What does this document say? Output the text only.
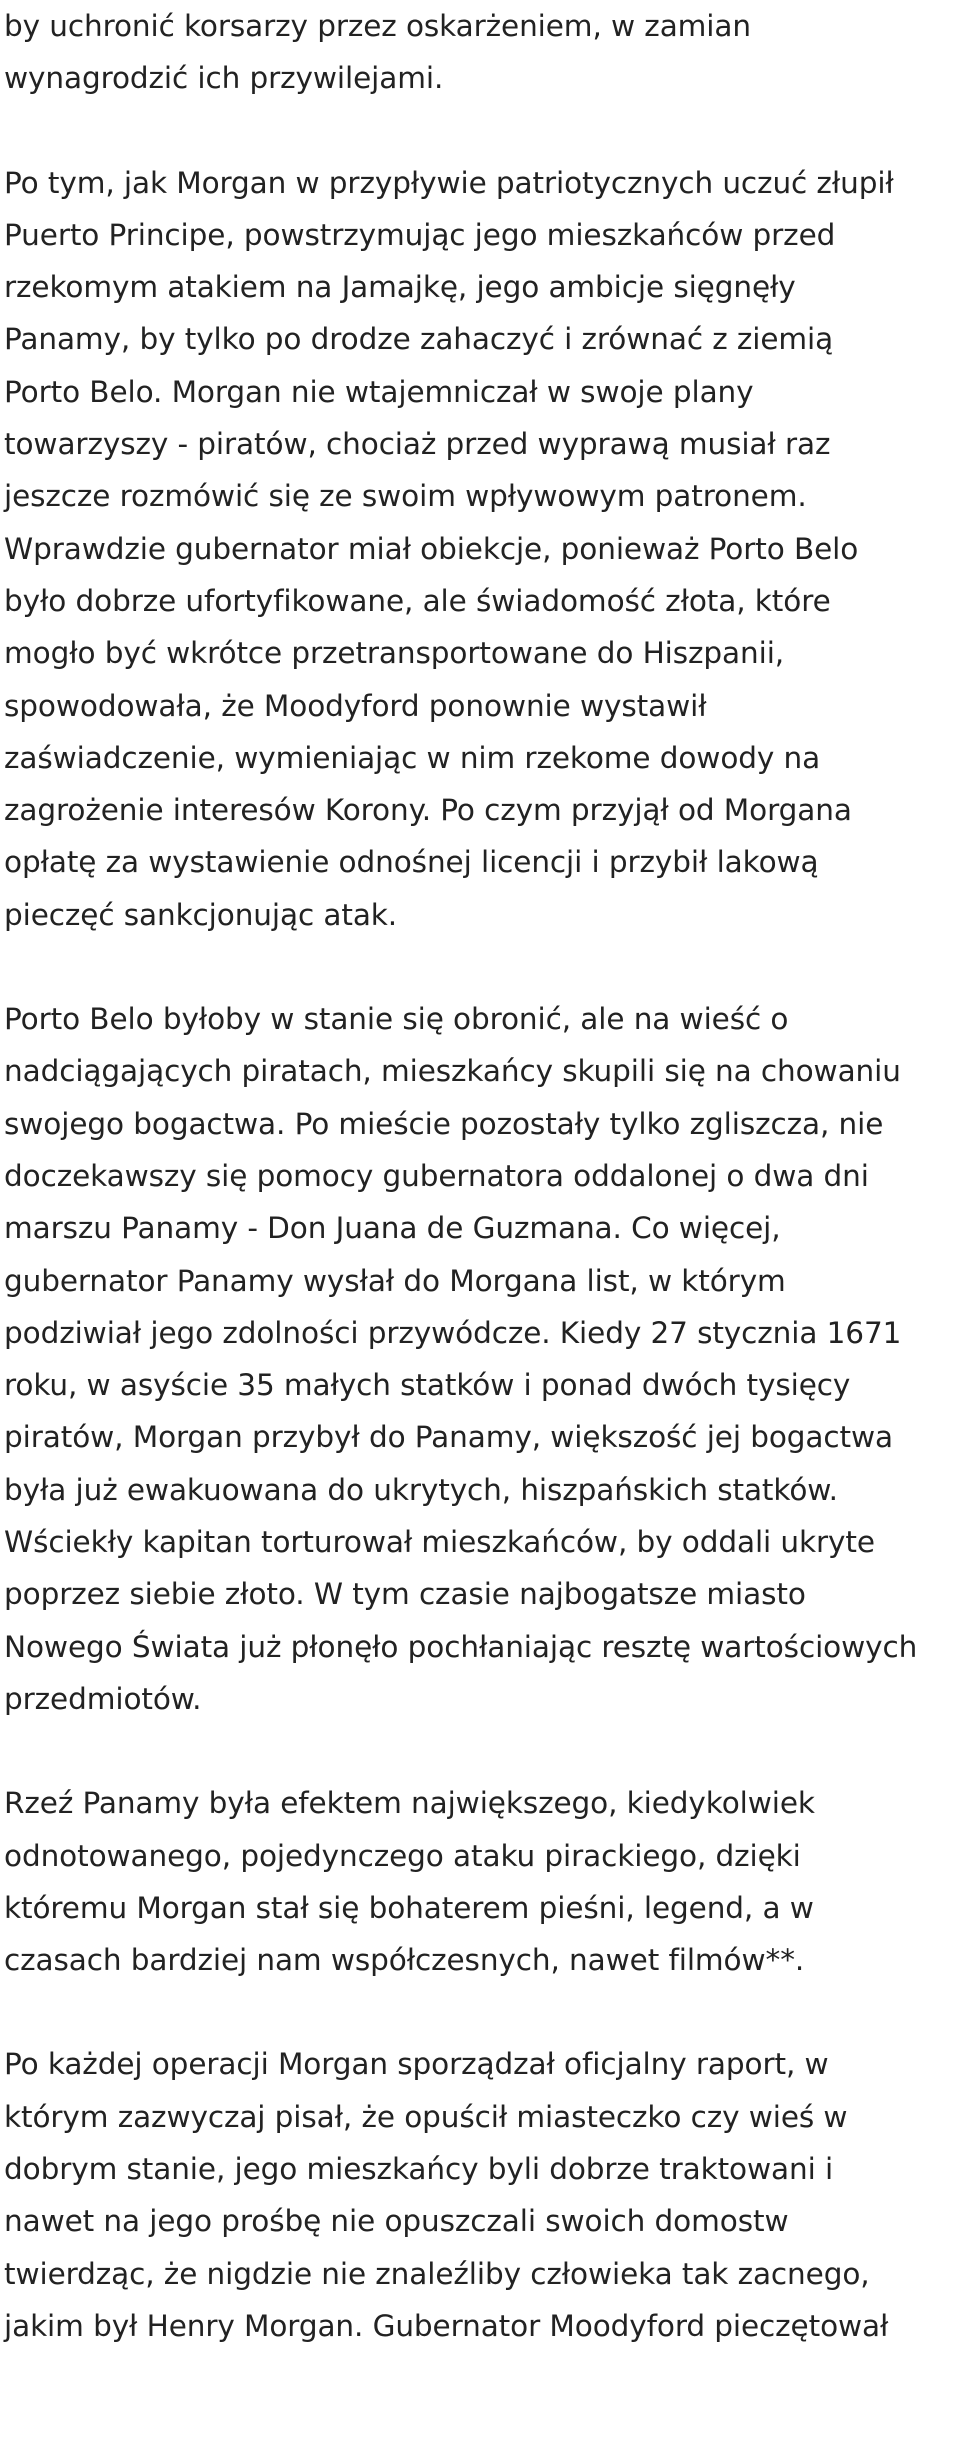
by uchronić korsarzy przez oskarżeniem, w zamian
wynagrodzić ich przywilejami.

Po tym, jak Morgan w przypływie patriotycznych uczuć złupił
Puerto Principe, powstrzymując jego mieszkańców przed
rzekomym atakiem na Jamajkę, jego ambicje sięgnęły
Panamy, by tylko po drodze zahaczyć i zrównać z ziemią
Porto Belo. Morgan nie wtajemniczał w swoje plany
towarzyszy - piratów, chociaż przed wyprawą musiał raz
jeszcze rozmówić się ze swoim wpływowym patronem.
Wprawdzie gubernator miał obiekcje, ponieważ Porto Belo
było dobrze ufortyfikowane, ale świadomość złota, które
mogło być wkrótce przetransportowane do Hiszpanii,
spowodowała, że Moodyford ponownie wystawił
zaświadczenie, wymieniając w nim rzekome dowody na
zagrożenie interesów Korony. Po czym przyjął od Morgana
opłatę za wystawienie odnośnej licencji i przybił lakową
pieczęć sankcjonując atak.

Porto Belo byłoby w stanie się obronić, ale na wieść o
nadciągających piratach, mieszkańcy skupili się na chowaniu
swojego bogactwa. Po mieście pozostały tylko zgliszcza, nie
doczekawszy się pomocy gubernatora oddalonej o dwa dni
marszu Panamy - Don Juana de Guzmana. Co więcej,
gubernator Panamy wysłał do Morgana list, w którym
podziwiał jego zdolności przywódcze. Kiedy 27 stycznia 1671
roku, w asyście 35 małych statków i ponad dwóch tysięcy
piratów, Morgan przybył do Panamy, większość jej bogactwa
była już ewakuowana do ukrytych, hiszpańskich statków.
Wściekły kapitan torturował mieszkańców, by oddali ukryte
poprzez siebie złoto. W tym czasie najbogatsze miasto
Nowego Świata już płonęło pochłaniając resztę wartościowych
przedmiotów.

Rzeź Panamy była efektem największego, kiedykolwiek
odnotowanego, pojedynczego ataku pirackiego, dzięki
któremu Morgan stał się bohaterem pieśni, legend, a w
czasach bardziej nam współczesnych, nawet filmów**.

Po każdej operacji Morgan sporządzał oficjalny raport, w
którym zazwyczaj pisał, że opuścił miasteczko czy wieś w
dobrym stanie, jego mieszkańcy byli dobrze traktowani i
nawet na jego prośbę nie opuszczali swoich domostw
twierdząc, że nigdzie nie znaleźliby człowieka tak zacnego,
jakim był Henry Morgan. Gubernator Moodyford pieczętował
